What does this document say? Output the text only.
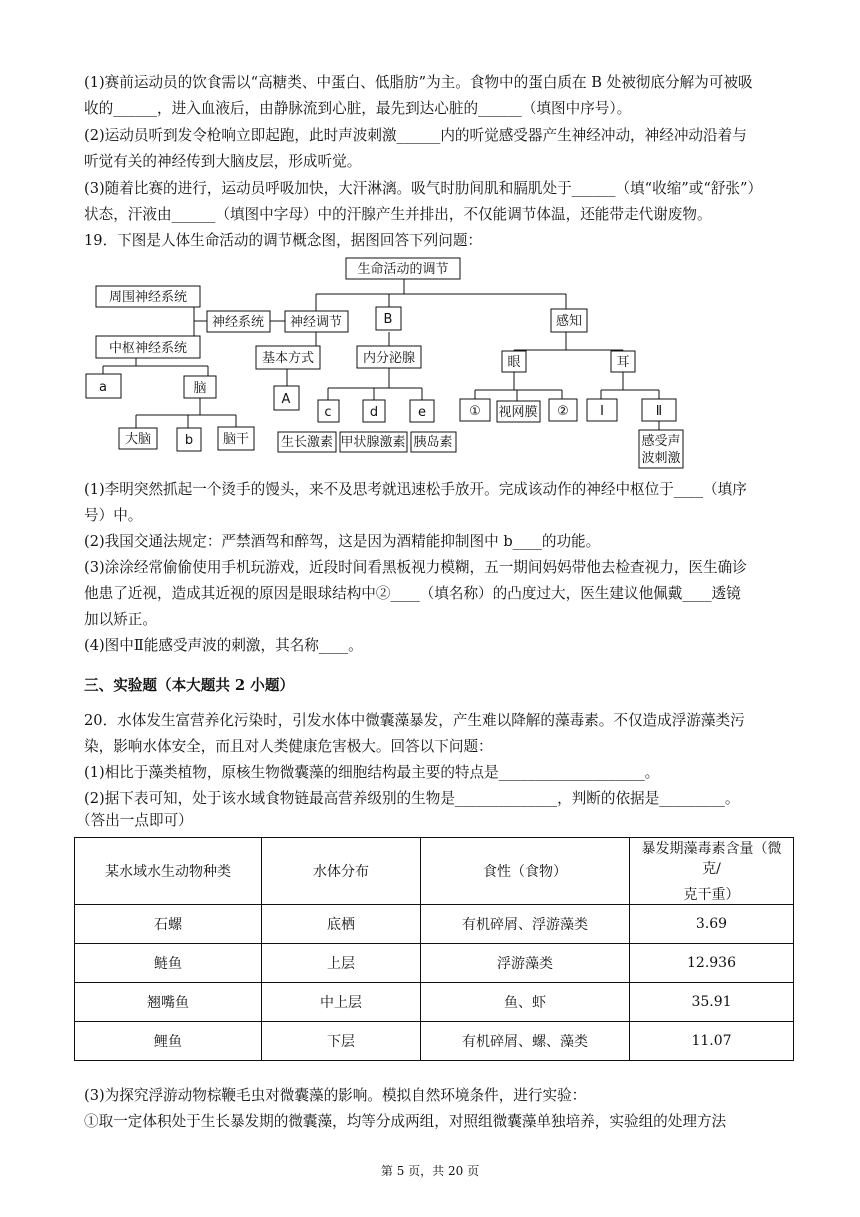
(1)赛前运动员的饮食需以“高糖类、中蛋白、低脂肪”为主。食物中的蛋白质在 B 处被彻底分解为可被吸
收的______，进入血液后，由静脉流到心脏，最先到达心脏的______（填图中序号）。
(2)运动员听到发令枪响立即起跑，此时声波刺激______内的听觉感受器产生神经冲动，神经冲动沿着与
听觉有关的神经传到大脑皮层，形成听觉。
(3)随着比赛的进行，运动员呼吸加快，大汗淋漓。吸气时肋间肌和膈肌处于______（填“收缩”或“舒张”）
状态，汗液由______（填图中字母）中的汗腺产生并排出，不仅能调节体温，还能带走代谢废物。
19．下图是人体生命活动的调节概念图，据图回答下列问题：
生命活动的调节
周围神经系统
中枢神经系统
神经系统 神经调节	B	感知
基本方式	内分泌腺	眼	耳
a	脑
A
c	d	e	① 视网膜 ② Ⅰ	Ⅱ
大脑	b 脑干 生长激素 甲状腺激素 胰岛素	感受声
波刺激
(1)李明突然抓起一个烫手的馒头，来不及思考就迅速松手放开。完成该动作的神经中枢位于____（填序
号）中。
(2)我国交通法规定：严禁酒驾和醉驾，这是因为酒精能抑制图中 b____的功能。
(3)涂涂经常偷偷使用手机玩游戏，近段时间看黑板视力模糊，五一期间妈妈带他去检查视力，医生确诊
他患了近视，造成其近视的原因是眼球结构中②____（填名称）的凸度过大，医生建议他佩戴____透镜
加以矫正。
(4)图中Ⅱ能感受声波的刺激，其名称____。
三、实验题（本大题共 2 小题）
20．水体发生富营养化污染时，引发水体中微囊藻暴发，产生难以降解的藻毒素。不仅造成浮游藻类污
染，影响水体安全，而且对人类健康危害极大。回答以下问题：
(1)相比于藻类植物，原核生物微囊藻的细胞结构最主要的特点是____________________。
(2)据下表可知，处于该水域食物链最高营养级别的生物是______________，判断的依据是_________。
（答出一点即可）
某水域水生动物种类	水体分布	食性（食物）	暴发期藻毒素含量（微克/
克干重）

石螺	底栖	有机碎屑、浮游藻类	3.69
鲢鱼	上层	浮游藻类	12.936
翘嘴鱼	中上层	鱼、虾	35.91
鲤鱼	下层	有机碎屑、螺、藻类	11.07
(3)为探究浮游动物棕鞭毛虫对微囊藻的影响。模拟自然环境条件，进行实验：
①取一定体积处于生长暴发期的微囊藻，均等分成两组，对照组微囊藻单独培养，实验组的处理方法
第 5 页，共 20 页
